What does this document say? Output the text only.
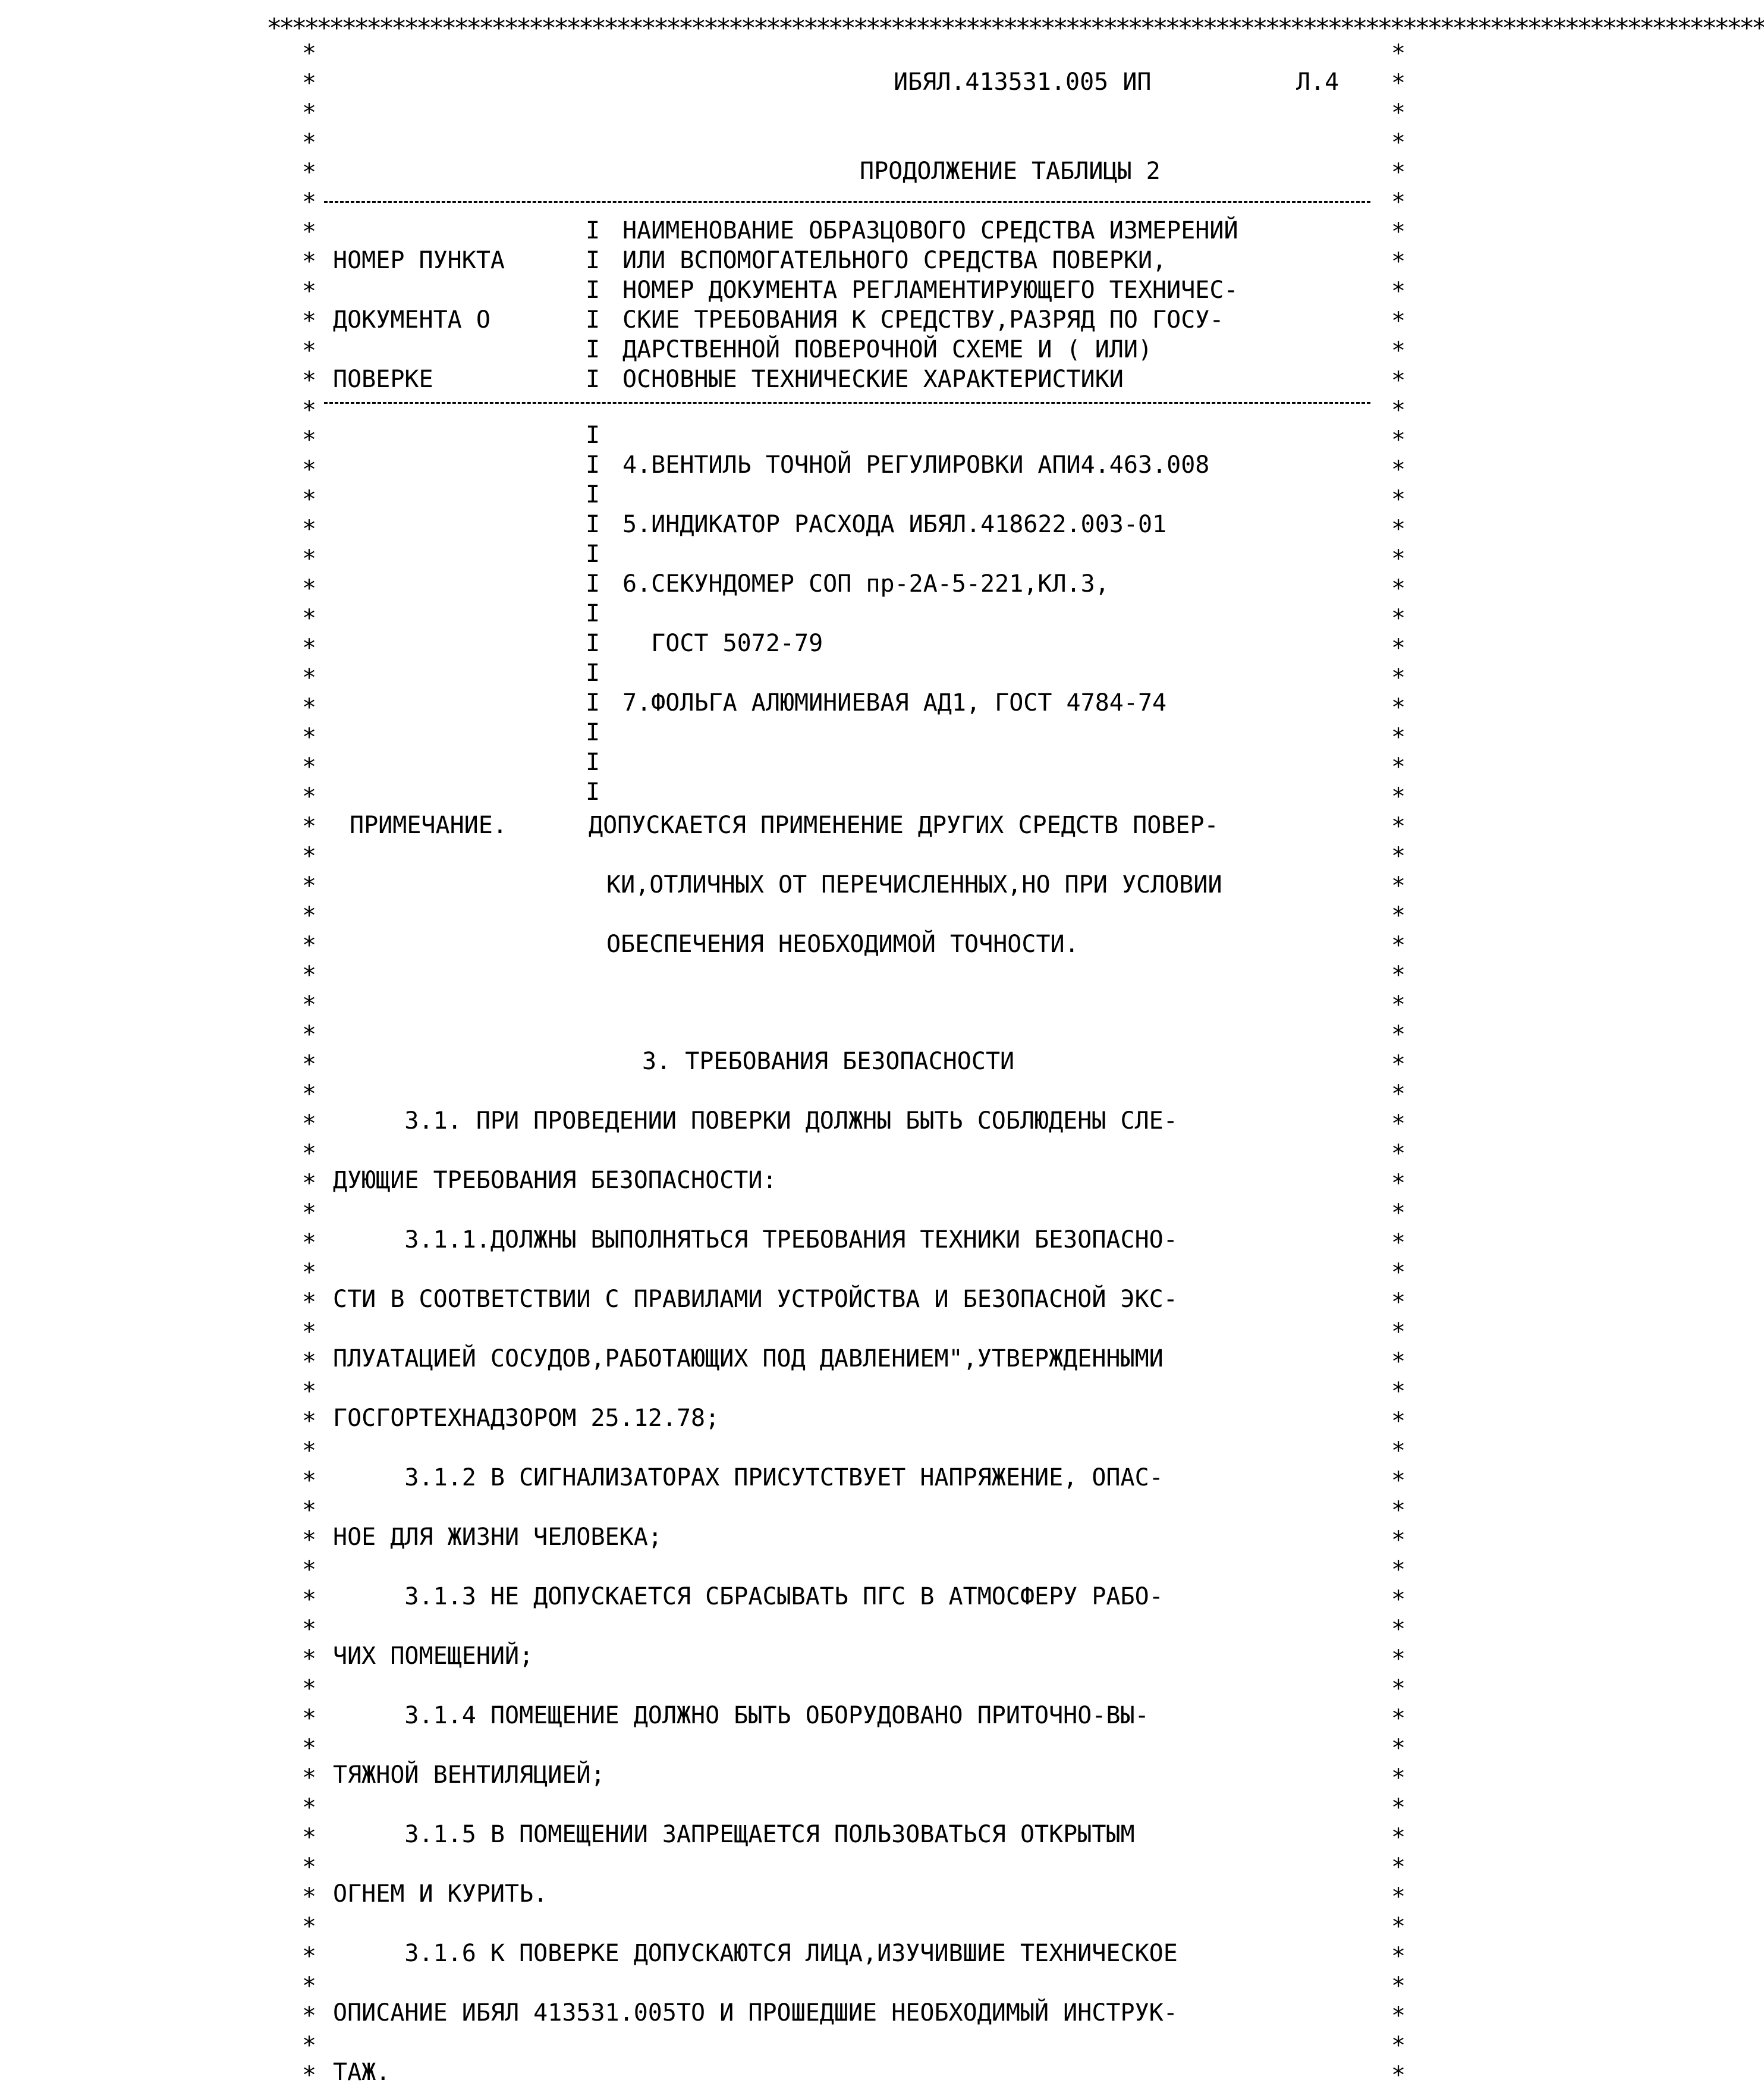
************************************************************************************************************************
*
*
*
*
*
*
*
*
*
*
*
*
*
*
*
*
*
*
*
*
*
*
*
*
*
*
*
*
*
*
*
*
*
*
*
*
*
*
*
*
*
*
*
*
*
*
*
*
*
*
*
*
*
*
*
*
*
*
*
*
*
*
*
*
*
*
*
*
*
*
*
*
*
*
*
*
*
*
*
*
*
*
*
*
*
*
*
*
*
*
*
*
*
*
*
*
*
*
*
*
*
*
*
*
*
*
*
*
*
*
*
*
*
*
*
*
*
*
*
*
*
*
*
*
*
*
*
*
*
*
*
*
*
*
*
*
*
*
ИБЯЛ.413531.005 ИП	Л.4
ПРОДОЛЖЕНИЕ ТАБЛИЦЫ 2
НОМЕР ПУНКТА
ДОКУМЕНТА О
ПОВЕРКЕ
I
I
I
I
I
I
НАИМЕНОВАНИЕ ОБРАЗЦОВОГО СРЕДСТВА ИЗМЕРЕНИЙ
ИЛИ ВСПОМОГАТЕЛЬНОГО СРЕДСТВА ПОВЕРКИ,
НОМЕР ДОКУМЕНТА РЕГЛАМЕНТИРУЮЩЕГО ТЕХНИЧЕС-
СКИЕ ТРЕБОВАНИЯ К СРЕДСТВУ,РАЗРЯД ПО ГОСУ-
ДАРСТВЕННОЙ ПОВЕРОЧНОЙ СХЕМЕ И ( ИЛИ)
ОСНОВНЫЕ ТЕХНИЧЕСКИЕ ХАРАКТЕРИСТИКИ
I
I 4.ВЕНТИЛЬ ТОЧНОЙ РЕГУЛИРОВКИ АПИ4.463.008
I
I 5.ИНДИКАТОР РАСХОДА ИБЯЛ.418622.003-01
I
I 6.СЕКУНДОМЕР СОП пр-2А-5-221,КЛ.3,
I
I ГОСТ 5072-79
I
I 7.ФОЛЬГА АЛЮМИНИЕВАЯ АД1, ГОСТ 4784-74
I
I
I
ПРИМЕЧАНИЕ.	ДОПУСКАЕТСЯ ПРИМЕНЕНИЕ ДРУГИХ СРЕДСТВ ПОВЕР-
КИ,ОТЛИЧНЫХ ОТ ПЕРЕЧИСЛЕННЫХ,НО ПРИ УСЛОВИИ
ОБЕСПЕЧЕНИЯ НЕОБХОДИМОЙ ТОЧНОСТИ.
3. ТРЕБОВАНИЯ БЕЗОПАСНОСТИ
3.1. ПРИ ПРОВЕДЕНИИ ПОВЕРКИ ДОЛЖНЫ БЫТЬ СОБЛЮДЕНЫ СЛЕ-
ДУЮЩИЕ ТРЕБОВАНИЯ БЕЗОПАСНОСТИ:
3.1.1.ДОЛЖНЫ ВЫПОЛНЯТЬСЯ ТРЕБОВАНИЯ ТЕХНИКИ БЕЗОПАСНО-
СТИ В СООТВЕТСТВИИ С ПРАВИЛАМИ УСТРОЙСТВА И БЕЗОПАСНОЙ ЭКС-
ПЛУАТАЦИЕЙ СОСУДОВ,РАБОТАЮЩИХ ПОД ДАВЛЕНИЕМ",УТВЕРЖДЕННЫМИ
ГОСГОРТЕХНАДЗОРОМ 25.12.78;
3.1.2 В СИГНАЛИЗАТОРАХ ПРИСУТСТВУЕТ НАПРЯЖЕНИЕ, ОПАС-
НОЕ ДЛЯ ЖИЗНИ ЧЕЛОВЕКА;
3.1.3 НЕ ДОПУСКАЕТСЯ СБРАСЫВАТЬ ПГС В АТМОСФЕРУ РАБО-
ЧИХ ПОМЕЩЕНИЙ;
3.1.4 ПОМЕЩЕНИЕ ДОЛЖНО БЫТЬ ОБОРУДОВАНО ПРИТОЧНО-ВЫ-
ТЯЖНОЙ ВЕНТИЛЯЦИЕЙ;
3.1.5 В ПОМЕЩЕНИИ ЗАПРЕЩАЕТСЯ ПОЛЬЗОВАТЬСЯ ОТКРЫТЫМ
ОГНЕМ И КУРИТЬ.
3.1.6 К ПОВЕРКЕ ДОПУСКАЮТСЯ ЛИЦА,ИЗУЧИВШИЕ ТЕХНИЧЕСКОЕ
ОПИСАНИЕ ИБЯЛ 413531.005ТО И ПРОШЕДШИЕ НЕОБХОДИМЫЙ ИНСТРУК-
ТАЖ.
